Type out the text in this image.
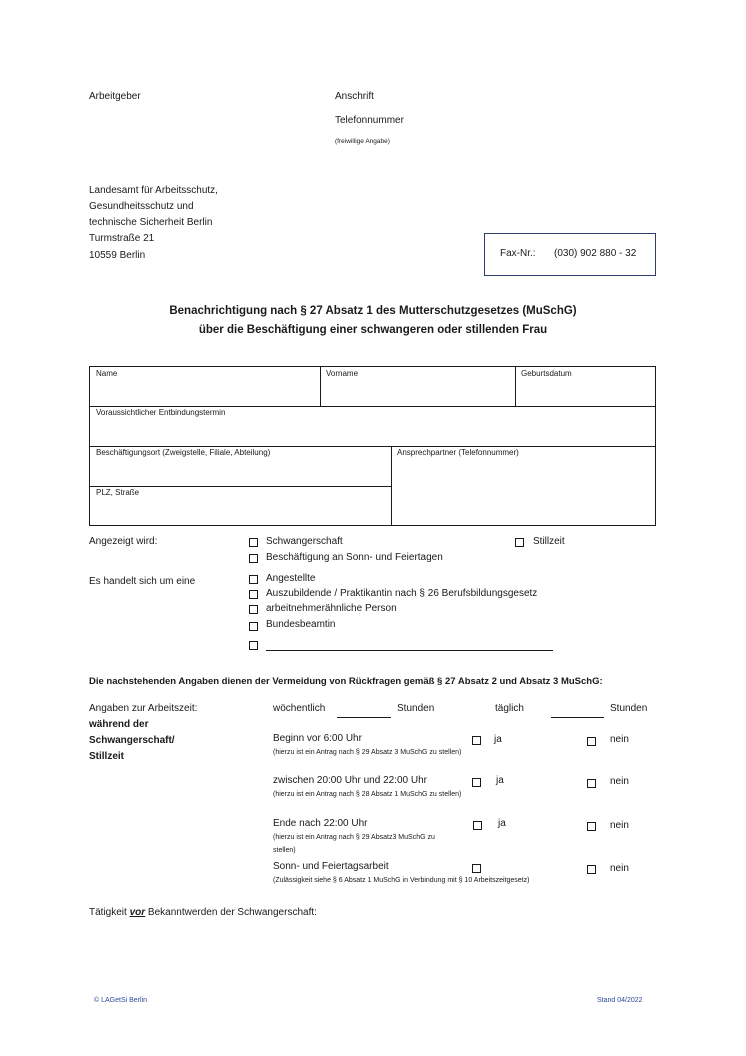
Arbeitgeber	Anschrift
Telefonnummer
(freiwillige Angabe)
Landesamt für Arbeitsschutz,
Gesundheitsschutz und
technische Sicherheit Berlin
Turmstraße 21
10559 Berlin	Fax-Nr.: (030) 902 880 - 32
Benachrichtigung nach § 27 Absatz 1 des Mutterschutzgesetzes (MuSchG)
über die Beschäftigung einer schwangeren oder stillenden Frau
Name	Vorname	Geburtsdatum
Voraussichtlicher Entbindungstermin
Beschäftigungsort (Zweigstelle, Filiale, Abteilung)	Ansprechpartner (Telefonnummer)
PLZ, Straße
Angezeigt wird:	Schwangerschaft	Stillzeit
Beschäftigung an Sonn- und Feiertagen
Es handelt sich um eine	Angestellte
Auszubildende / Praktikantin nach § 26 Berufsbildungsgesetz
arbeitnehmerähnliche Person
Bundesbeamtin
Die nachstehenden Angaben dienen der Vermeidung von Rückfragen gemäß § 27 Absatz 2 und Absatz 3 MuSchG:
Angaben zur Arbeitszeit:
während der
Schwangerschaft/
Stillzeit
wöchentlich	Stunden	täglich	Stunden
Beginn vor 6:00 Uhr
(hierzu ist ein Antrag nach § 29 Absatz 3 MuSchG zu stellen)
ja	nein
zwischen 20:00 Uhr und 22:00 Uhr
(hierzu ist ein Antrag nach § 28 Absatz 1 MuSchG zu stellen)
ja	nein
Ende nach 22:00 Uhr
(hierzu ist ein Antrag nach § 29 Absatz3 MuSchG zu
stellen)
ja	nein
Sonn- und Feiertagsarbeit
(Zulässigkeit siehe § 6 Absatz 1 MuSchG in Verbindung mit § 10 Arbeitszeitgesetz)
nein
Tätigkeit vor Bekanntwerden der Schwangerschaft:
© LAGetSi Berlin	Stand 04/2022
